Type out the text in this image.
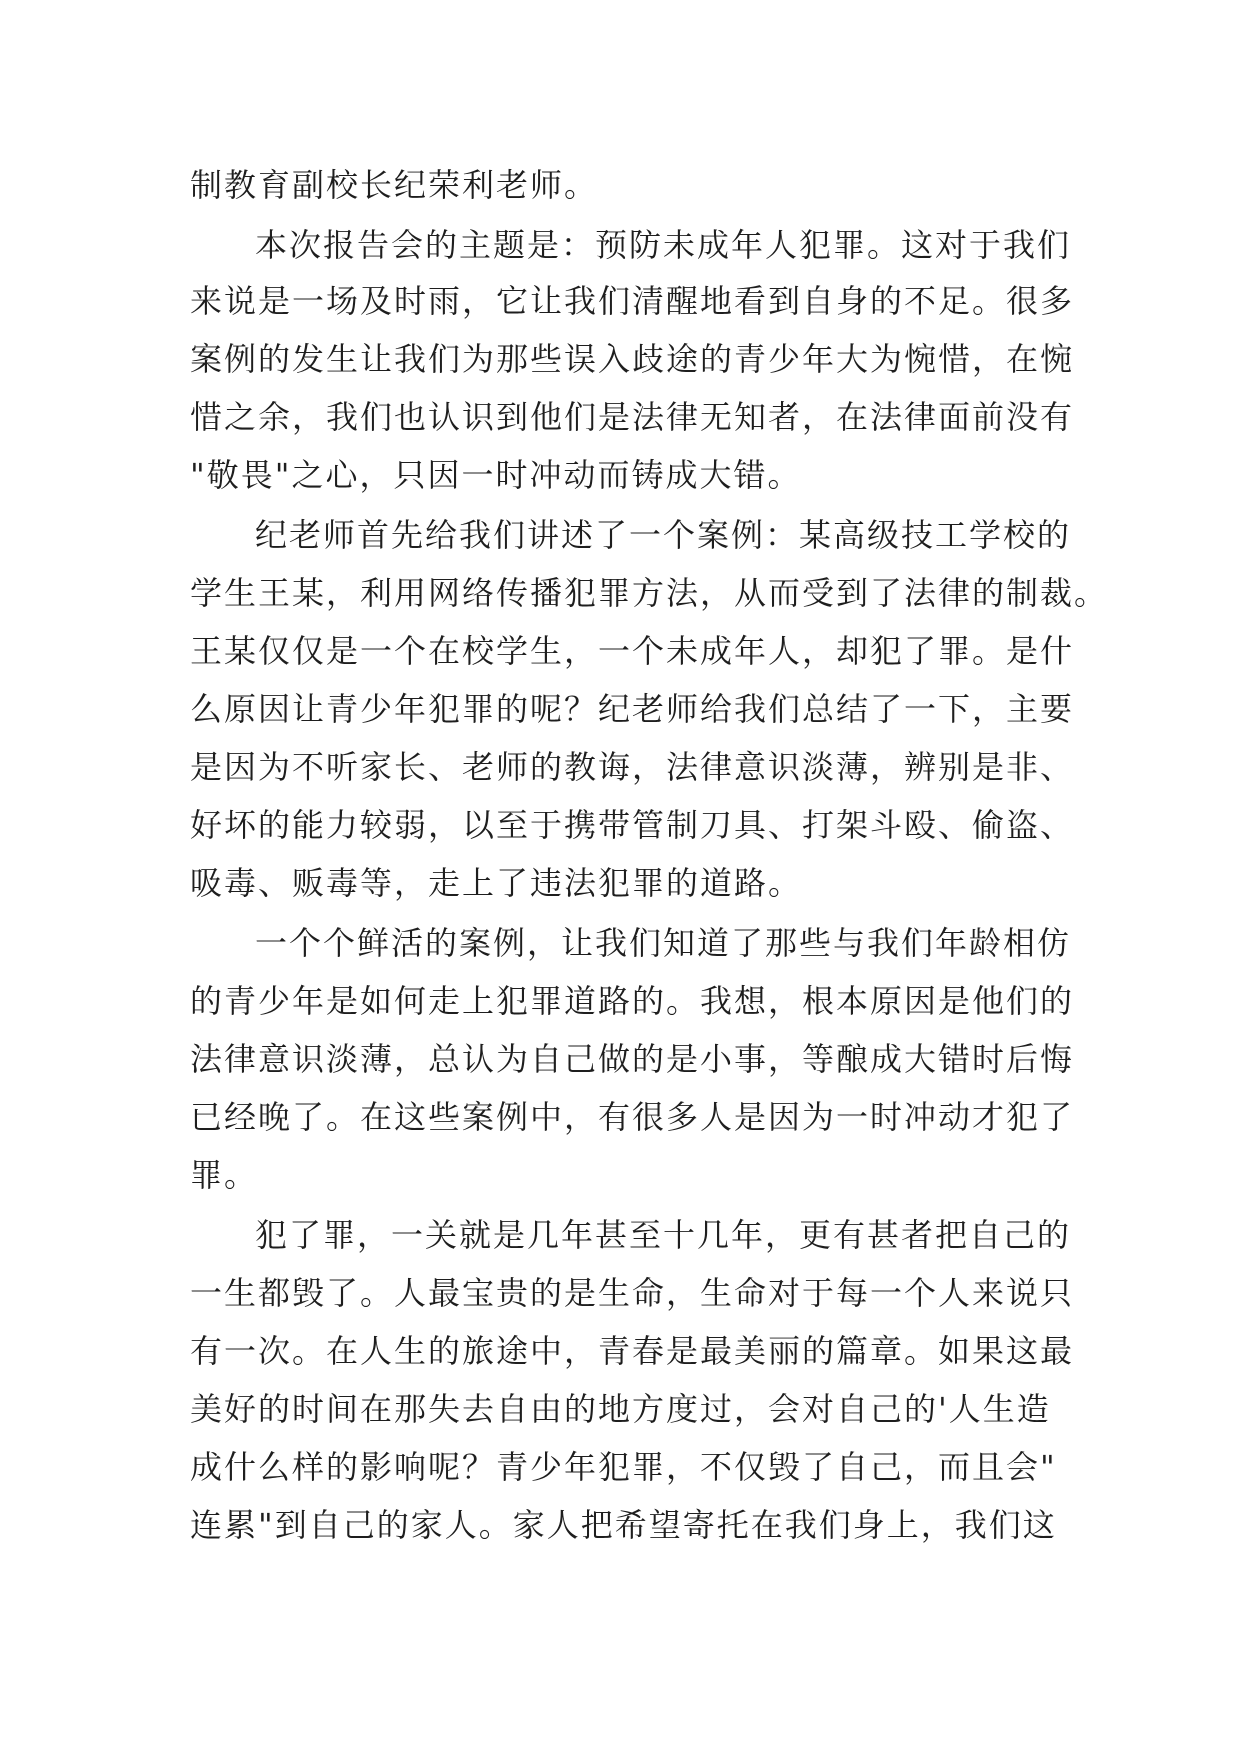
制教育副校长纪荣利老师。

本次报告会的主题是：预防未成年人犯罪。这对于我们

来说是一场及时雨，它让我们清醒地看到自身的不足。很多

案例的发生让我们为那些误入歧途的青少年大为惋惜，在惋

惜之余，我们也认识到他们是法律无知者，在法律面前没有

"敬畏"之心，只因一时冲动而铸成大错。

纪老师首先给我们讲述了一个案例：某高级技工学校的

学生王某，利用网络传播犯罪方法，从而受到了法律的制裁。

王某仅仅是一个在校学生，一个未成年人，却犯了罪。是什

么原因让青少年犯罪的呢？纪老师给我们总结了一下，主要

是因为不听家长、老师的教诲，法律意识淡薄，辨别是非、

好坏的能力较弱，以至于携带管制刀具、打架斗殴、偷盗、

吸毒、贩毒等，走上了违法犯罪的道路。

一个个鲜活的案例，让我们知道了那些与我们年龄相仿

的青少年是如何走上犯罪道路的。我想，根本原因是他们的

法律意识淡薄，总认为自己做的是小事，等酿成大错时后悔

已经晚了。在这些案例中，有很多人是因为一时冲动才犯了

罪。

犯了罪，一关就是几年甚至十几年，更有甚者把自己的

一生都毁了。人最宝贵的是生命，生命对于每一个人来说只

有一次。在人生的旅途中，青春是最美丽的篇章。如果这最

美好的时间在那失去自由的地方度过，会对自己的'人生造

成什么样的影响呢？青少年犯罪，不仅毁了自己，而且会"

连累"到自己的家人。家人把希望寄托在我们身上，我们这
